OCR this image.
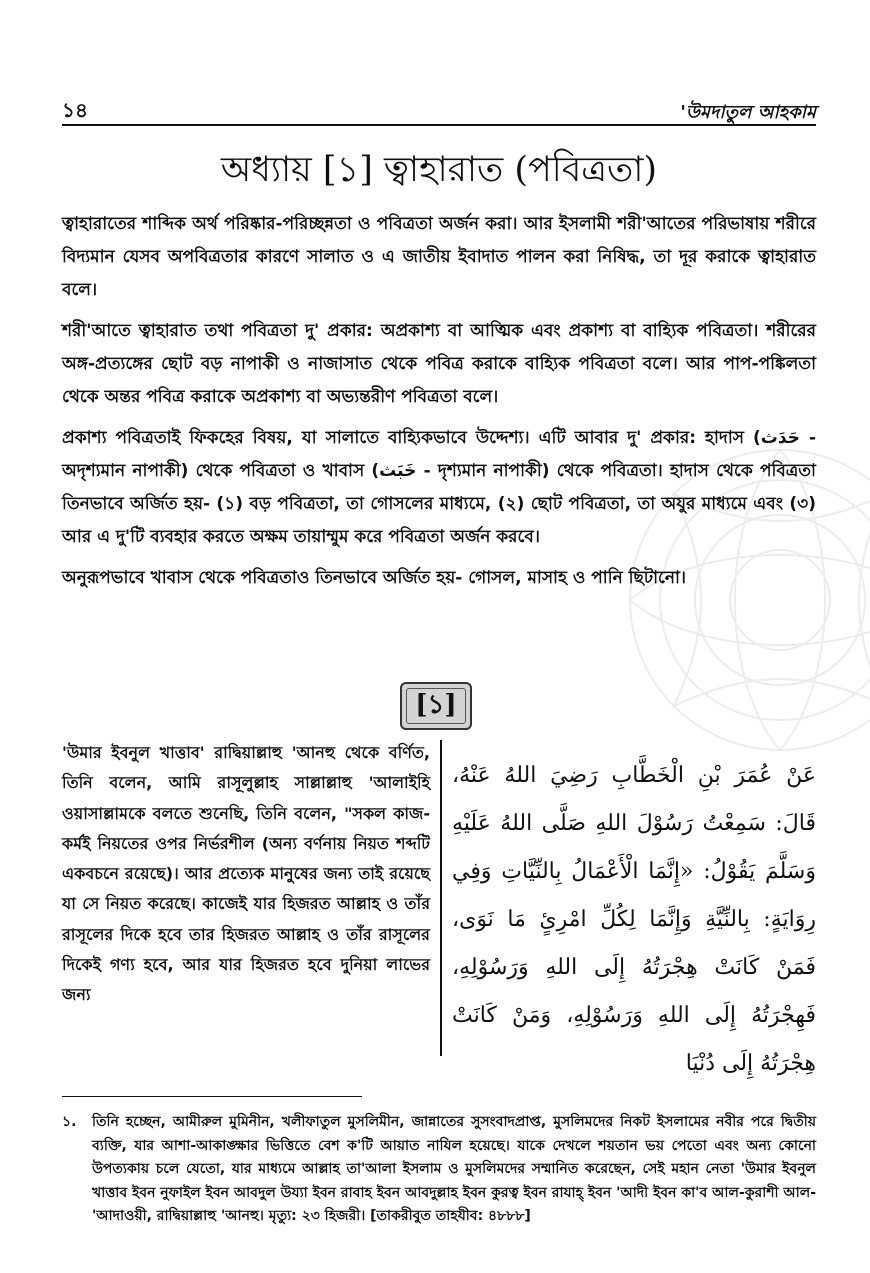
১৪	'উমদাতুল আহকাম
অধ্যায় [১] ত্বাহারাত (পবিত্রতা)

ত্বাহারাতের শাব্দিক অর্থ পরিষ্কার-পরিচ্ছন্নতা ও পবিত্রতা অর্জন করা। আর ইসলামী শরী'আতের পরিভাষায় শরীরে বিদ্যমান যেসব অপবিত্রতার কারণে সালাত ও এ জাতীয় ইবাদাত পালন করা নিষিদ্ধ, তা দূর করাকে ত্বাহারাত বলে।

শরী'আতে ত্বাহারাত তথা পবিত্রতা দু' প্রকার: অপ্রকাশ্য বা আত্মিক এবং প্রকাশ্য বা বাহ্যিক পবিত্রতা। শরীরের অঙ্গ-প্রত্যঙ্গের ছোট বড় নাপাকী ও নাজাসাত থেকে পবিত্র করাকে বাহ্যিক পবিত্রতা বলে। আর পাপ-পঙ্কিলতা থেকে অন্তর পবিত্র করাকে অপ্রকাশ্য বা অভ্যন্তরীণ পবিত্রতা বলে।

প্রকাশ্য পবিত্রতাই ফিকহের বিষয়, যা সালাতে বাহ্যিকভাবে উদ্দেশ্য। এটি আবার দু' প্রকার: হাদাস (حَدَث - অদৃশ্যমান নাপাকী) থেকে পবিত্রতা ও খাবাস (خَبَث - দৃশ্যমান নাপাকী) থেকে পবিত্রতা। হাদাস থেকে পবিত্রতা তিনভাবে অর্জিত হয়- (১) বড় পবিত্রতা, তা গোসলের মাধ্যমে, (২) ছোট পবিত্রতা, তা অযুর মাধ্যমে এবং (৩) আর এ দু'টি ব্যবহার করতে অক্ষম তায়াম্মুম করে পবিত্রতা অর্জন করবে।

অনুরূপভাবে খাবাস থেকে পবিত্রতাও তিনভাবে অর্জিত হয়- গোসল, মাসাহ ও পানি ছিটানো।

[১]

'উমার ইবনুল খাত্তাব' রাদ্বিয়াল্লাহু 'আনহু থেকে বর্ণিত, তিনি বলেন, আমি রাসূলুল্লাহ সাল্লাল্লাহু 'আলাইহি ওয়াসাল্লামকে বলতে শুনেছি, তিনি বলেন, "সকল কাজ-কর্মই নিয়তের ওপর নির্ভরশীল (অন্য বর্ণনায় নিয়ত শব্দটি একবচনে রয়েছে)। আর প্রত্যেক মানুষের জন্য তাই রয়েছে যা সে নিয়ত করেছে। কাজেই যার হিজরত আল্লাহ ও তাঁর রাসূলের দিকে হবে তার হিজরত আল্লাহ ও তাঁর রাসূলের দিকেই গণ্য হবে, আর যার হিজরত হবে দুনিয়া লাভের জন্য

عَنْ عُمَرَ بْنِ الْخَطَّابِ رَضِيَ اللهُ عَنْهُ، قَالَ: سَمِعْتُ رَسُوْلَ اللهِ صَلَّى اللهُ عَلَيْهِ وَسَلَّمَ يَقُوْلُ: «إِنَّمَا الْأَعْمَالُ بِالنِّيَّاتِ وَفِي رِوَايَةٍ: بِالنِّيَّةِ وَإِنَّمَا لِكُلِّ امْرِئٍ مَا نَوَى، فَمَنْ كَانَتْ هِجْرَتُهُ إِلَى اللهِ وَرَسُوْلِهِ، فَهِجْرَتُهُ إِلَى اللهِ وَرَسُوْلِهِ، وَمَنْ كَانَتْ هِجْرَتُهُ إِلَى دُنْيَا

১. তিনি হচ্ছেন, আমীরুল মুমিনীন, খলীফাতুল মুসলিমীন, জান্নাতের সুসংবাদপ্রাপ্ত, মুসলিমদের নিকট ইসলামের নবীর পরে দ্বিতীয় ব্যক্তি, যার আশা-আকাঙ্ক্ষার ভিত্তিতে বেশ ক'টি আয়াত নাযিল হয়েছে। যাকে দেখলে শয়তান ভয় পেতো এবং অন্য কোনো উপত্যকায় চলে যেতো, যার মাধ্যমে আল্লাহ তা'আলা ইসলাম ও মুসলিমদের সম্মানিত করেছেন, সেই মহান নেতা 'উমার ইবনুল খাত্তাব ইবন নুফাইল ইবন আবদুল উয্যা ইবন রাবাহ ইবন আবদুল্লাহ ইবন কুরত্ব ইবন রাযাহ্ ইবন 'আদী ইবন কা'ব আল-কুরাশী আল-'আদাওয়ী, রাদ্বিয়াল্লাহু 'আনহু। মৃত্যু: ২৩ হিজরী। [তাকরীবুত তাহযীব: ৪৮৮৮]
